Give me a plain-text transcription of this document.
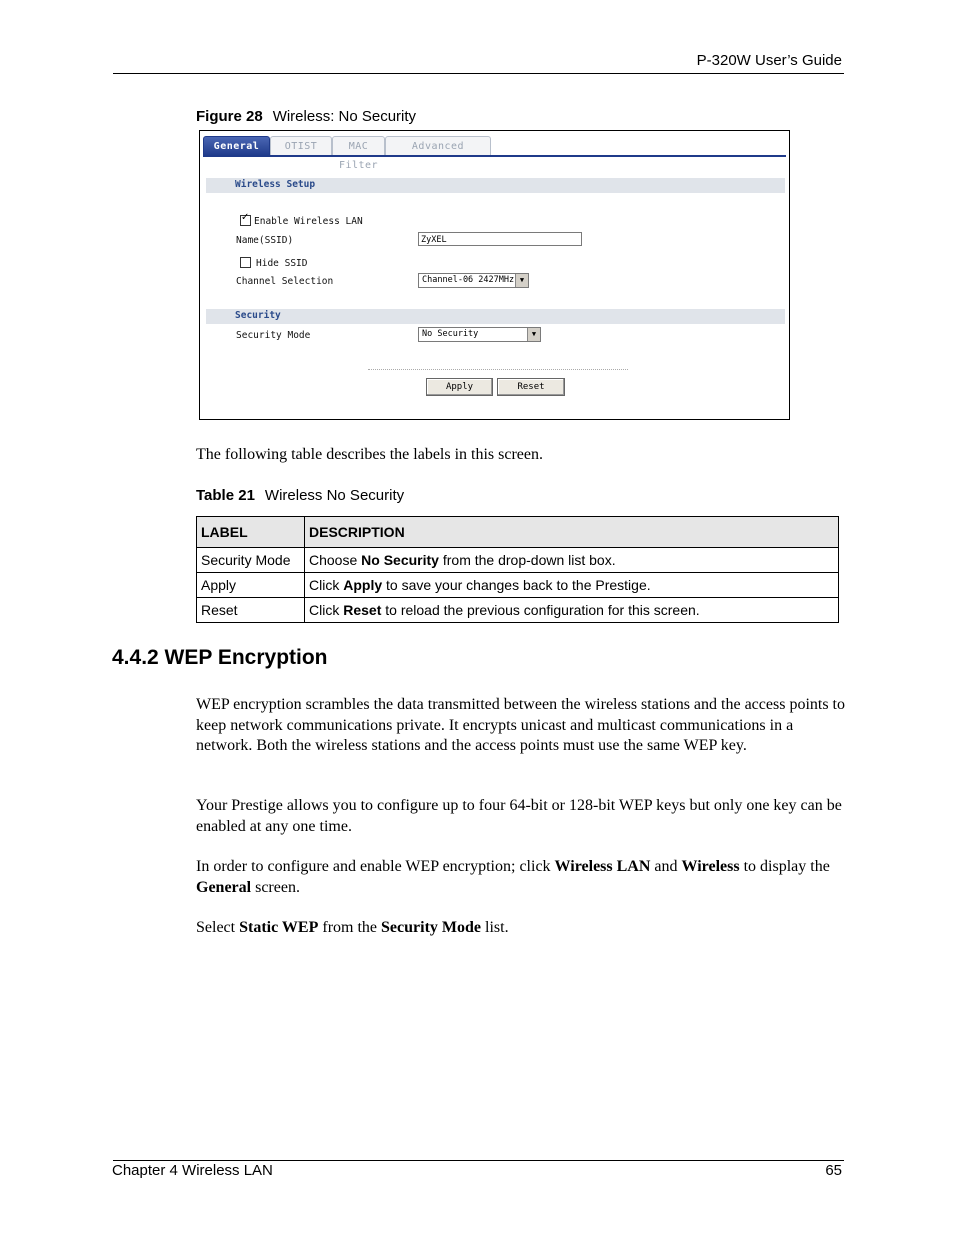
P-320W User’s Guide
Figure 28 Wireless: No Security
General	OTIST	MAC Filter
Advanced
Wireless Setup
✓
Enable Wireless LAN
Name(SSID)	ZyXEL
Hide SSID
Channel Selection	Channel-06 2427MHz ▼
Security
Security Mode	No Security	▼
Apply	Reset
The following table describes the labels in this screen.
Table 21 Wireless No Security
LABEL	DESCRIPTION
Security Mode	Choose No Security from the drop-down list box.
Apply	Click Apply to save your changes back to the Prestige.
Reset	Click Reset to reload the previous configuration for this screen.
4.4.2 WEP Encryption
WEP encryption scrambles the data transmitted between the wireless stations and the access points to keep network communications private. It encrypts unicast and multicast communications in a network. Both the wireless stations and the access points must use the same WEP key.
Your Prestige allows you to configure up to four 64-bit or 128-bit WEP keys but only one key can be enabled at any one time.
In order to configure and enable WEP encryption; click Wireless LAN and Wireless to display the General screen.
Select Static WEP from the Security Mode list.
Chapter 4 Wireless LAN	65
